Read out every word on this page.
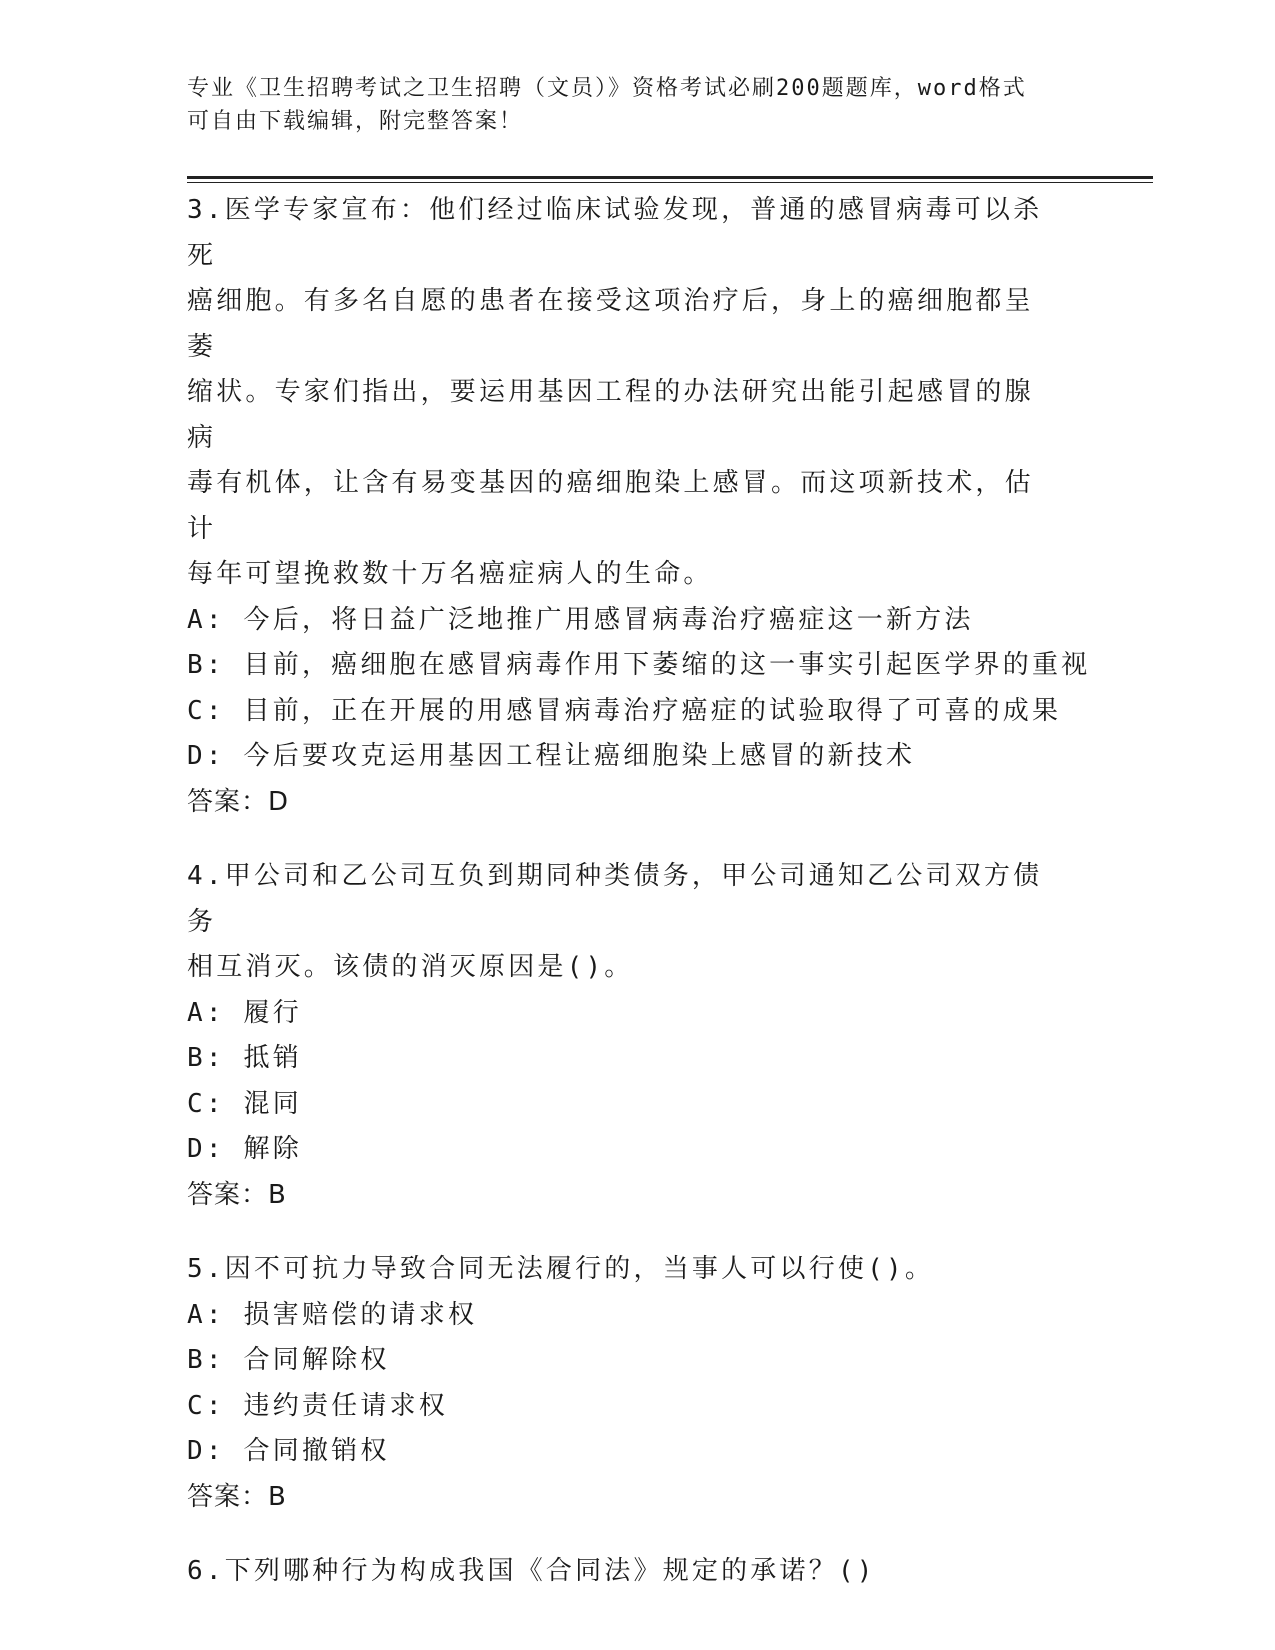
专业《卫生招聘考试之卫生招聘（文员）》资格考试必刷200题题库，word格式
可自由下载编辑，附完整答案！
3.医学专家宣布：他们经过临床试验发现，普通的感冒病毒可以杀死
癌细胞。有多名自愿的患者在接受这项治疗后，身上的癌细胞都呈萎
缩状。专家们指出，要运用基因工程的办法研究出能引起感冒的腺病
毒有机体，让含有易变基因的癌细胞染上感冒。而这项新技术，估计
每年可望挽救数十万名癌症病人的生命。
A: 今后，将日益广泛地推广用感冒病毒治疗癌症这一新方法
B: 目前，癌细胞在感冒病毒作用下萎缩的这一事实引起医学界的重视
C: 目前，正在开展的用感冒病毒治疗癌症的试验取得了可喜的成果
D: 今后要攻克运用基因工程让癌细胞染上感冒的新技术
答案：D
4.甲公司和乙公司互负到期同种类债务，甲公司通知乙公司双方债务
相互消灭。该债的消灭原因是()。
A: 履行
B: 抵销
C: 混同
D: 解除
答案：B
5.因不可抗力导致合同无法履行的，当事人可以行使()。
A: 损害赔偿的请求权
B: 合同解除权
C: 违约责任请求权
D: 合同撤销权
答案：B
6.下列哪种行为构成我国《合同法》规定的承诺？()
